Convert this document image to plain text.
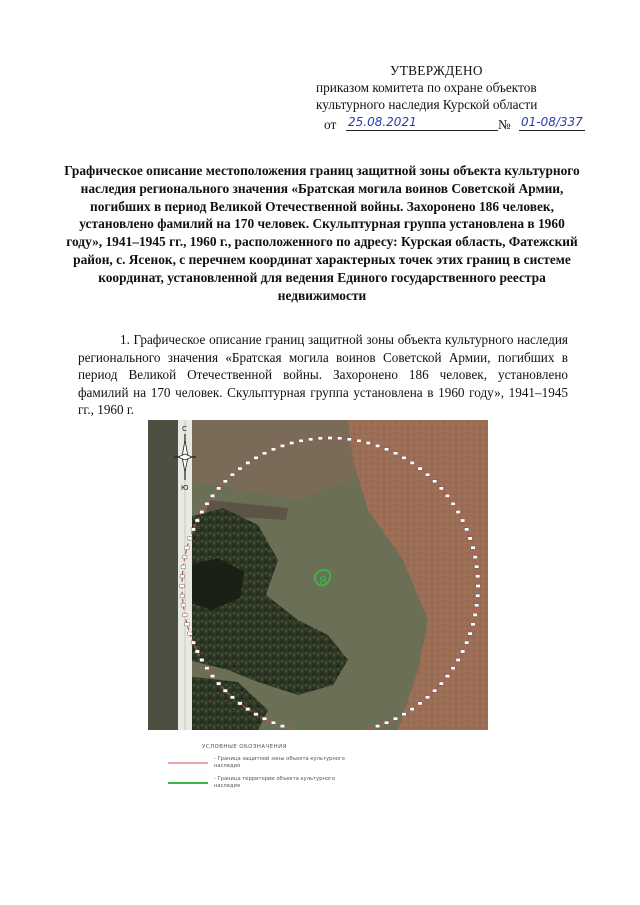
УТВЕРЖДЕНО
приказом комитета по охране объектов
культурного наследия Курской области
от 25.08.2021	№ 01-08/337
Графическое описание местоположения границ защитной зоны объекта культурного наследия регионального значения «Братская могила воинов Советской Армии, погибших в период Великой Отечественной войны. Захоронено 186 человек, установлено фамилий на 170 человек. Скульптурная группа установлена в 1960 году», 1941–1945 гг., 1960 г., расположенного по адресу: Курская область, Фатежский район, с. Ясенок, с перечнем координат характерных точек этих границ в системе координат, установленной для ведения Единого государственного реестра недвижимости
1. Графическое описание границ защитной зоны объекта культурного наследия регионального значения «Братская могила воинов Советской Армии, погибших в период Великой Отечественной войны. Захоронено 186 человек, установлено фамилий на 170 человек. Скульптурная группа установлена в 1960 году», 1941–1945 гг., 1960 г.
С
Ю
8
УСЛОВНЫЕ ОБОЗНАЧЕНИЯ
- Граница защитной зоны объекта культурного наследия
- Граница территории объекта культурного наследия
